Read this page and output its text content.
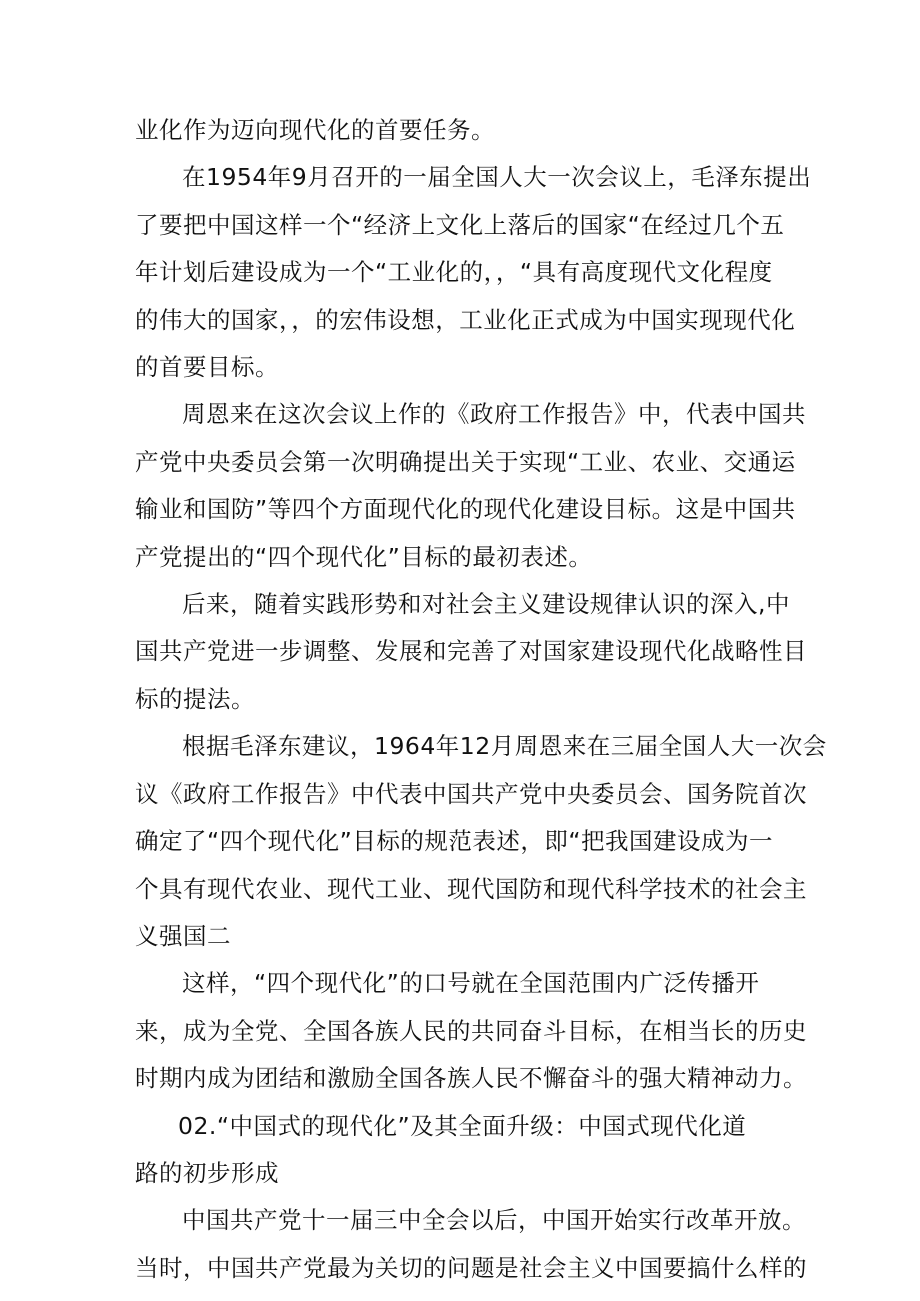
业化作为迈向现代化的首要任务。
在1954年9月召开的一届全国人大一次会议上，毛泽东提出
了要把中国这样一个“经济上文化上落后的国家“在经过几个五
年计划后建设成为一个“工业化的，，“具有高度现代文化程度
的伟大的国家，，的宏伟设想，工业化正式成为中国实现现代化
的首要目标。
周恩来在这次会议上作的《政府工作报告》中，代表中国共
产党中央委员会第一次明确提出关于实现“工业、农业、交通运
输业和国防”等四个方面现代化的现代化建设目标。这是中国共
产党提出的“四个现代化”目标的最初表述。
后来，随着实践形势和对社会主义建设规律认识的深入,中
国共产党进一步调整、发展和完善了对国家建设现代化战略性目
标的提法。
根据毛泽东建议，1964年12月周恩来在三届全国人大一次会
议《政府工作报告》中代表中国共产党中央委员会、国务院首次
确定了“四个现代化”目标的规范表述，即“把我国建设成为一
个具有现代农业、现代工业、现代国防和现代科学技术的社会主
义强国二
这样，“四个现代化”的口号就在全国范围内广泛传播开
来，成为全党、全国各族人民的共同奋斗目标，在相当长的历史
时期内成为团结和激励全国各族人民不懈奋斗的强大精神动力。
02.“中国式的现代化”及其全面升级：中国式现代化道
路的初步形成
中国共产党十一届三中全会以后，中国开始实行改革开放。
当时，中国共产党最为关切的问题是社会主义中国要搞什么样的
